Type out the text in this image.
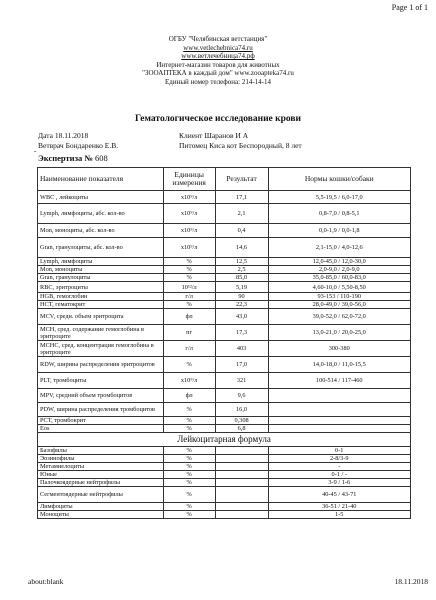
Page 1 of 1
ОГБУ "Челябинская ветстанция"
www.vetlechebnica74.ru
www.ветлечебница74.рф
Интернет-магазин товаров для животных
"ЗООАПТЕКА в каждый дом" www.zooapteka74.ru
Единый номер телефона: 214-14-14
Гематологическое исследование крови
Дата 18.11.2018
Ветврач Бондаренко Е.В.
Клиент Шаранов И А
Питомец Киса кот Беспородный, 8 лет
-
Экспертиза № 608
Наименование показателя	Единицы измерения	Результат	Нормы кошки/собаки
WBC , лейкоциты	x10⁹/л	17,1	5,5-19,5 / 6,0-17,0
Lymph, лимфоциты, абс. кол-во	x10⁹/л	2,1	0,8-7,0 / 0,8-5,1
Mon, моноциты, абс. кол-во	x10⁹/л	0,4	0,0-1,9 / 0,0-1,8
Gran, гранулоциты, абс. кол-во	x10⁹/л	14,6	2,1-15,0 / 4,0-12,6
Lymph, лимфоциты	%	12,5	12,0-45,0 / 12,0-30,0
Mon, моноциты	%	2,5	2,0-9,0 / 2,0-9,0
Gran, гранулоциты	%	85,0	35,0-85,0 / 60,0-83,0
RBC, эритроциты	10¹²/л	5,19	4,60-10,0 / 5,50-8,50
HGB, гемоглобин	г/л	90	93-153 / 110-190
HCT, гематокрит	%	22,3	28,0-49,0 / 39,0-56,0
MCV, средн. объем эритроцита	фл	43,0	39,0-52,0 / 62,0-72,0
MCH, сред. содержание гемоглобина в эритроците	пг	17,3	13,0-21,0 / 20,0-25,0
MCHC, сред. концентрация гемоглобина в эритроците	г/л	403	300-380
RDW, ширина распределения эритроцитов	%	17,0	14,0-18,0 / 11,0-15,5
PLT, тромбоциты	x10⁹/л	321	100-514 / 117-460
MPV, средний объем тромбоцитов	фл	9,6	
PDW, ширина распределения тромбоцитов	%	16,0	
PCT, тромбокрит	%	0,308	
Eos	%	6,8	
Лейкоцитарная формула			
Базофилы	%		0-1
Эозинофилы	%		2-8/3-9
Метамиелоциты	%		-
Юные	%		0-1 / -
Палочкоядерные нейтрофилы	%		3-9 / 1-6
Сегментоядерные нейтрофилы	%		40-45 / 43-71
Лимфоциты	%		36-51 / 21-40
Моноциты	%		1-5
about:blank	18.11.2018
